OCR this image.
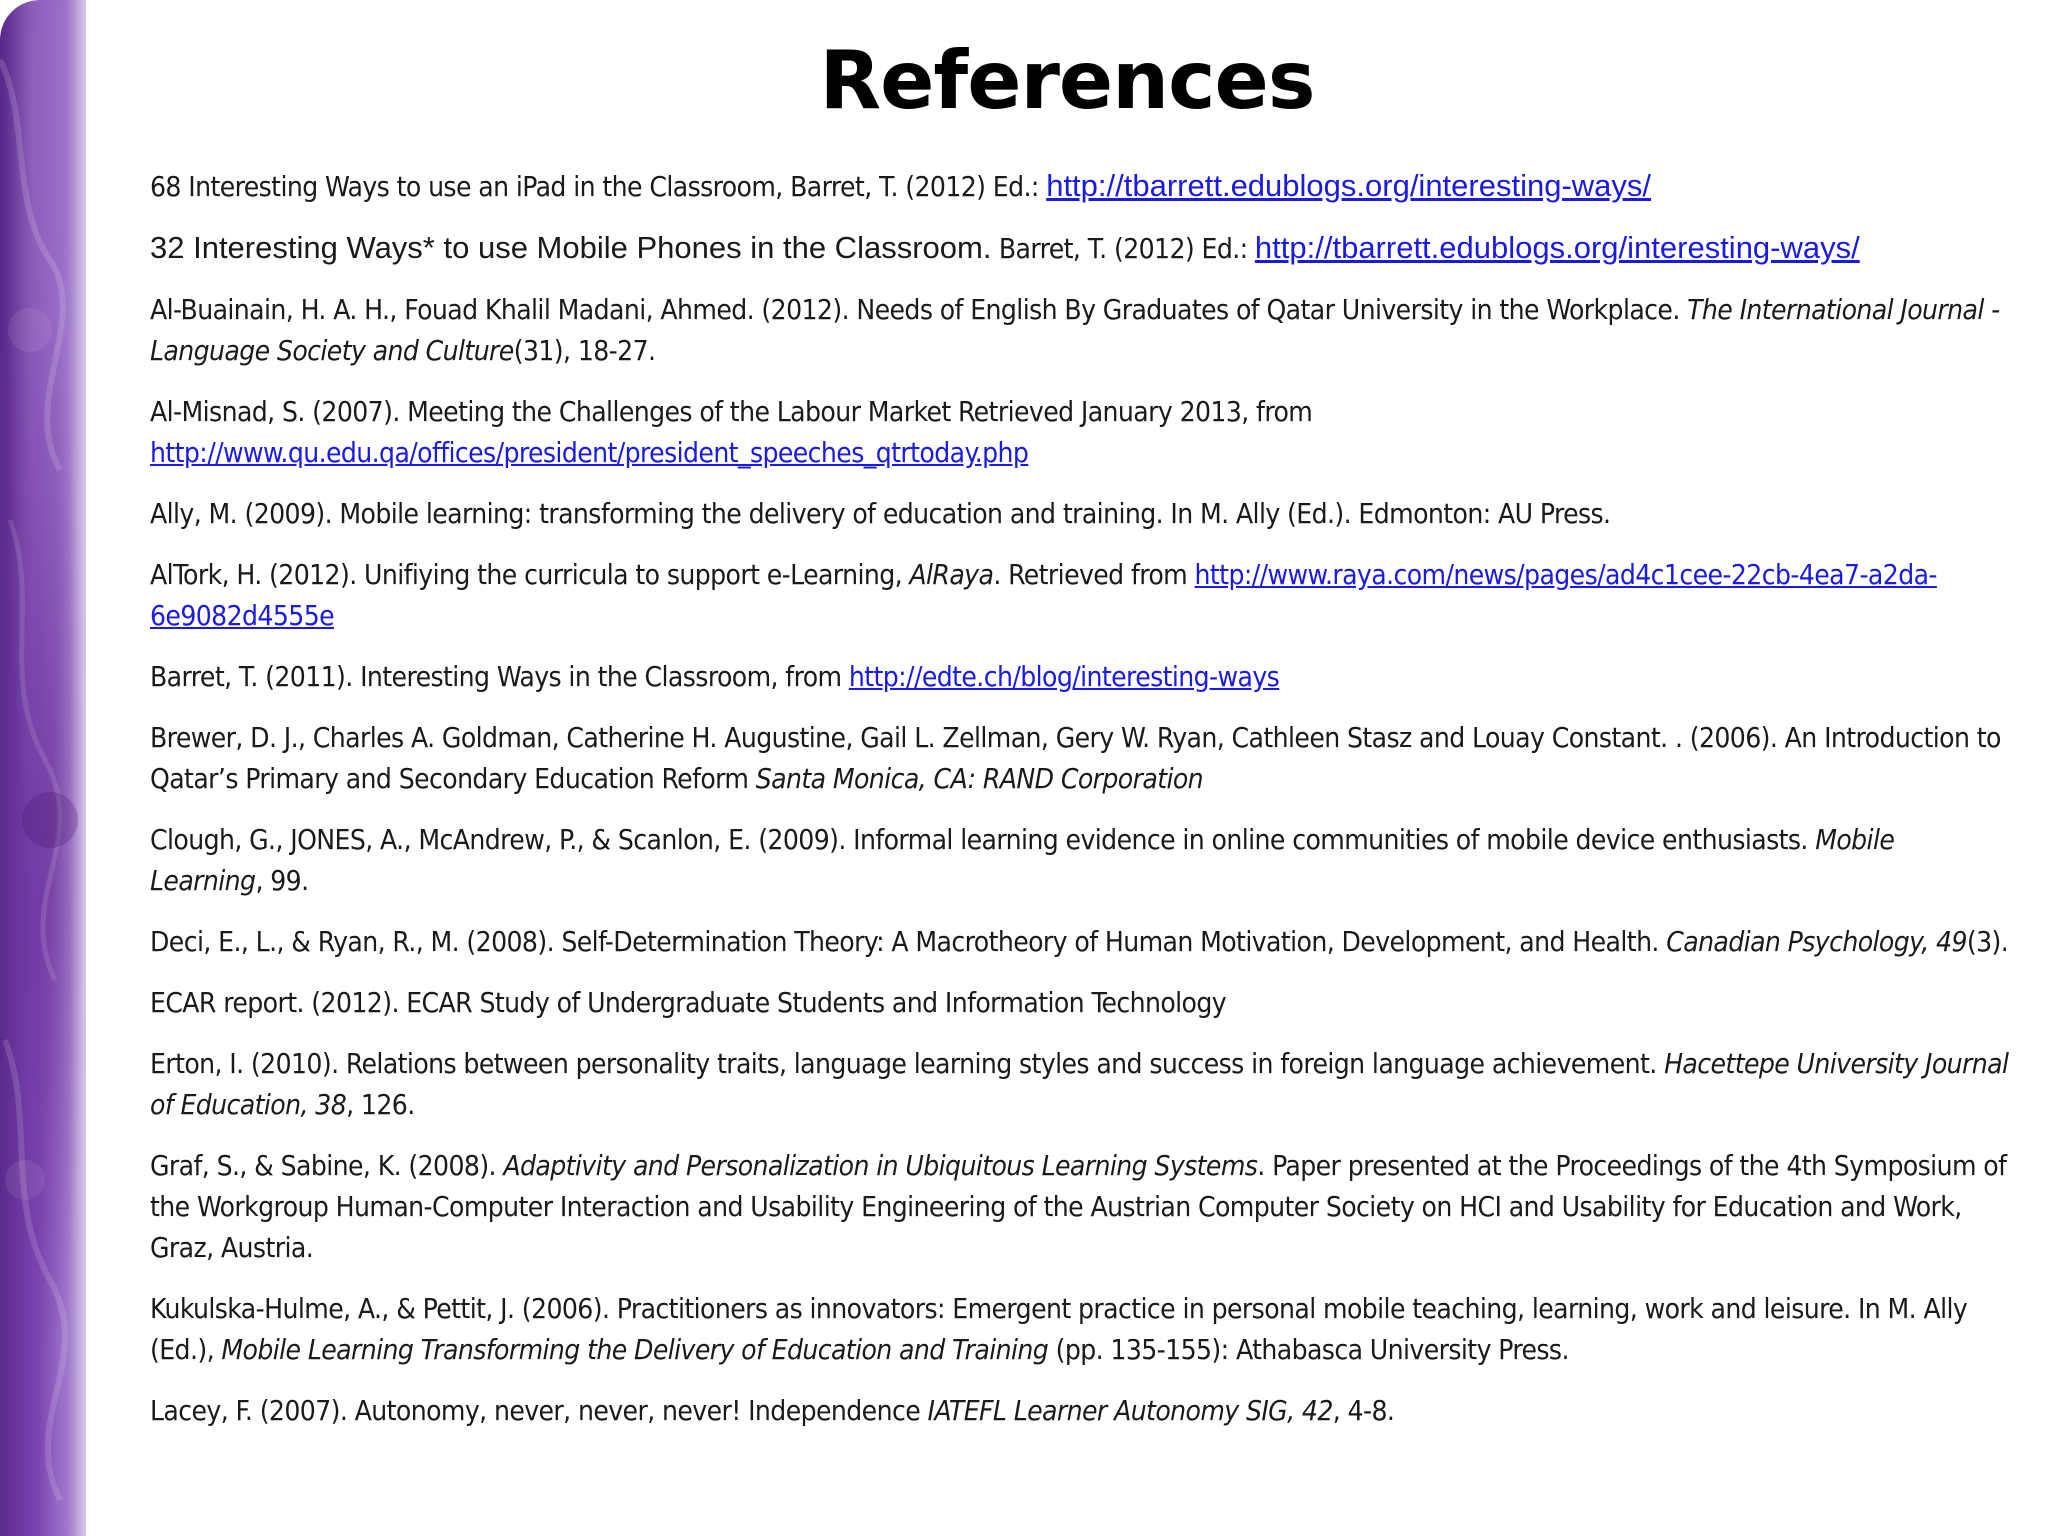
References

68 Interesting Ways to use an iPad in the Classroom, Barret, T. (2012) Ed.: http://tbarrett.edublogs.org/interesting-ways/

32 Interesting Ways* to use Mobile Phones in the Classroom. Barret, T. (2012) Ed.: http://tbarrett.edublogs.org/interesting-ways/

Al-Buainain, H. A. H., Fouad Khalil Madani, Ahmed. (2012). Needs of English By Graduates of Qatar University in the Workplace. The International Journal - Language Society and Culture(31), 18-27.

Al-Misnad, S. (2007). Meeting the Challenges of the Labour Market Retrieved January 2013, from http://www.qu.edu.qa/offices/president/president_speeches_qtrtoday.php

Ally, M. (2009). Mobile learning: transforming the delivery of education and training. In M. Ally (Ed.). Edmonton: AU Press.

AlTork, H. (2012). Unifiying the curricula to support e-Learning, AlRaya. Retrieved from http://www.raya.com/news/pages/ad4c1cee-22cb-4ea7-a2da-6e9082d4555e

Barret, T. (2011). Interesting Ways in the Classroom, from http://edte.ch/blog/interesting-ways

Brewer, D. J., Charles A. Goldman, Catherine H. Augustine, Gail L. Zellman, Gery W. Ryan, Cathleen Stasz and Louay Constant. . (2006). An Introduction to Qatar’s Primary and Secondary Education Reform Santa Monica, CA: RAND Corporation

Clough, G., JONES, A., McAndrew, P., & Scanlon, E. (2009). Informal learning evidence in online communities of mobile device enthusiasts. Mobile Learning, 99.

Deci, E., L., & Ryan, R., M. (2008). Self-Determination Theory: A Macrotheory of Human Motivation, Development, and Health. Canadian Psychology, 49(3).

ECAR report. (2012). ECAR Study of Undergraduate Students and Information Technology

Erton, I. (2010). Relations between personality traits, language learning styles and success in foreign language achievement. Hacettepe University Journal of Education, 38, 126.

Graf, S., & Sabine, K. (2008). Adaptivity and Personalization in Ubiquitous Learning Systems. Paper presented at the Proceedings of the 4th Symposium of the Workgroup Human-Computer Interaction and Usability Engineering of the Austrian Computer Society on HCI and Usability for Education and Work, Graz, Austria.

Kukulska-Hulme, A., & Pettit, J. (2006). Practitioners as innovators: Emergent practice in personal mobile teaching, learning, work and leisure. In M. Ally (Ed.), Mobile Learning Transforming the Delivery of Education and Training (pp. 135-155): Athabasca University Press.

Lacey, F. (2007). Autonomy, never, never, never! Independence IATEFL Learner Autonomy SIG, 42, 4-8.
